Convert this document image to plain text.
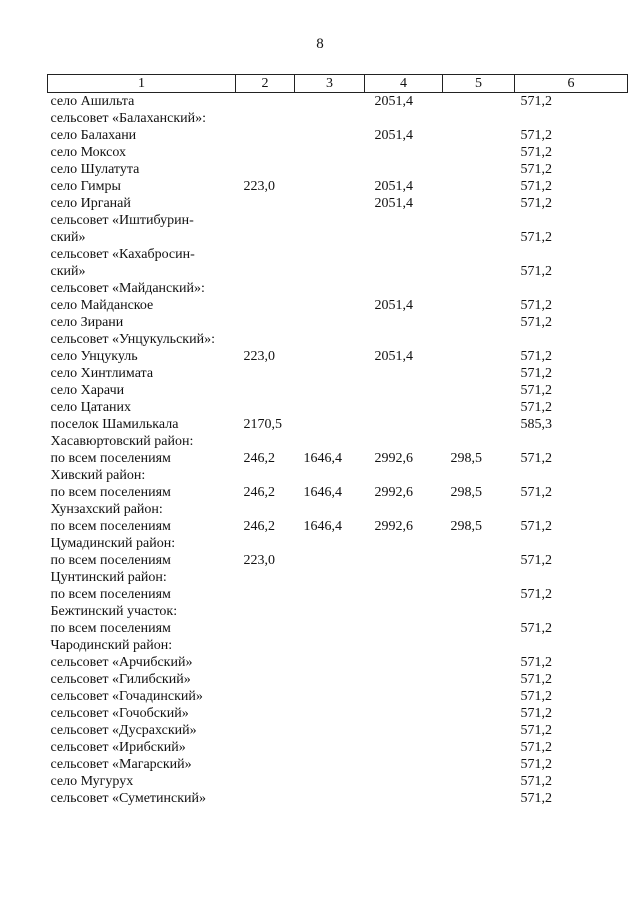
8
1	2	3	4	5	6
село Ашильта			2051,4		571,2
сельсовет «Балаханский»:					
село Балахани			2051,4		571,2
село Моксох					571,2
село Шулатута					571,2
село Гимры	223,0		2051,4		571,2
село Ирганай			2051,4		571,2
сельсовет «Иштибурин-					
ский»					571,2
сельсовет «Кахабросин-					
ский»					571,2
сельсовет «Майданский»:					
село Майданское			2051,4		571,2
село Зирани					571,2
сельсовет «Унцукульский»:					
село Унцукуль	223,0		2051,4		571,2
село Хинтлимата					571,2
село Харачи					571,2
село Цатаних					571,2
поселок Шамилькала	2170,5				585,3
Хасавюртовский район:					
по всем поселениям	246,2	1646,4	2992,6	298,5	571,2
Хивский район:					
по всем поселениям	246,2	1646,4	2992,6	298,5	571,2
Хунзахский район:					
по всем поселениям	246,2	1646,4	2992,6	298,5	571,2
Цумадинский район:					
по всем поселениям	223,0				571,2
Цунтинский район:					
по всем поселениям					571,2
Бежтинский участок:					
по всем поселениям					571,2
Чародинский район:					
сельсовет «Арчибский»					571,2
сельсовет «Гилибский»					571,2
сельсовет «Гочадинский»					571,2
сельсовет «Гочобский»					571,2
сельсовет «Дусрахский»					571,2
сельсовет «Ирибский»					571,2
сельсовет «Магарский»					571,2
село Мугурух					571,2
сельсовет «Суметинский»					571,2
